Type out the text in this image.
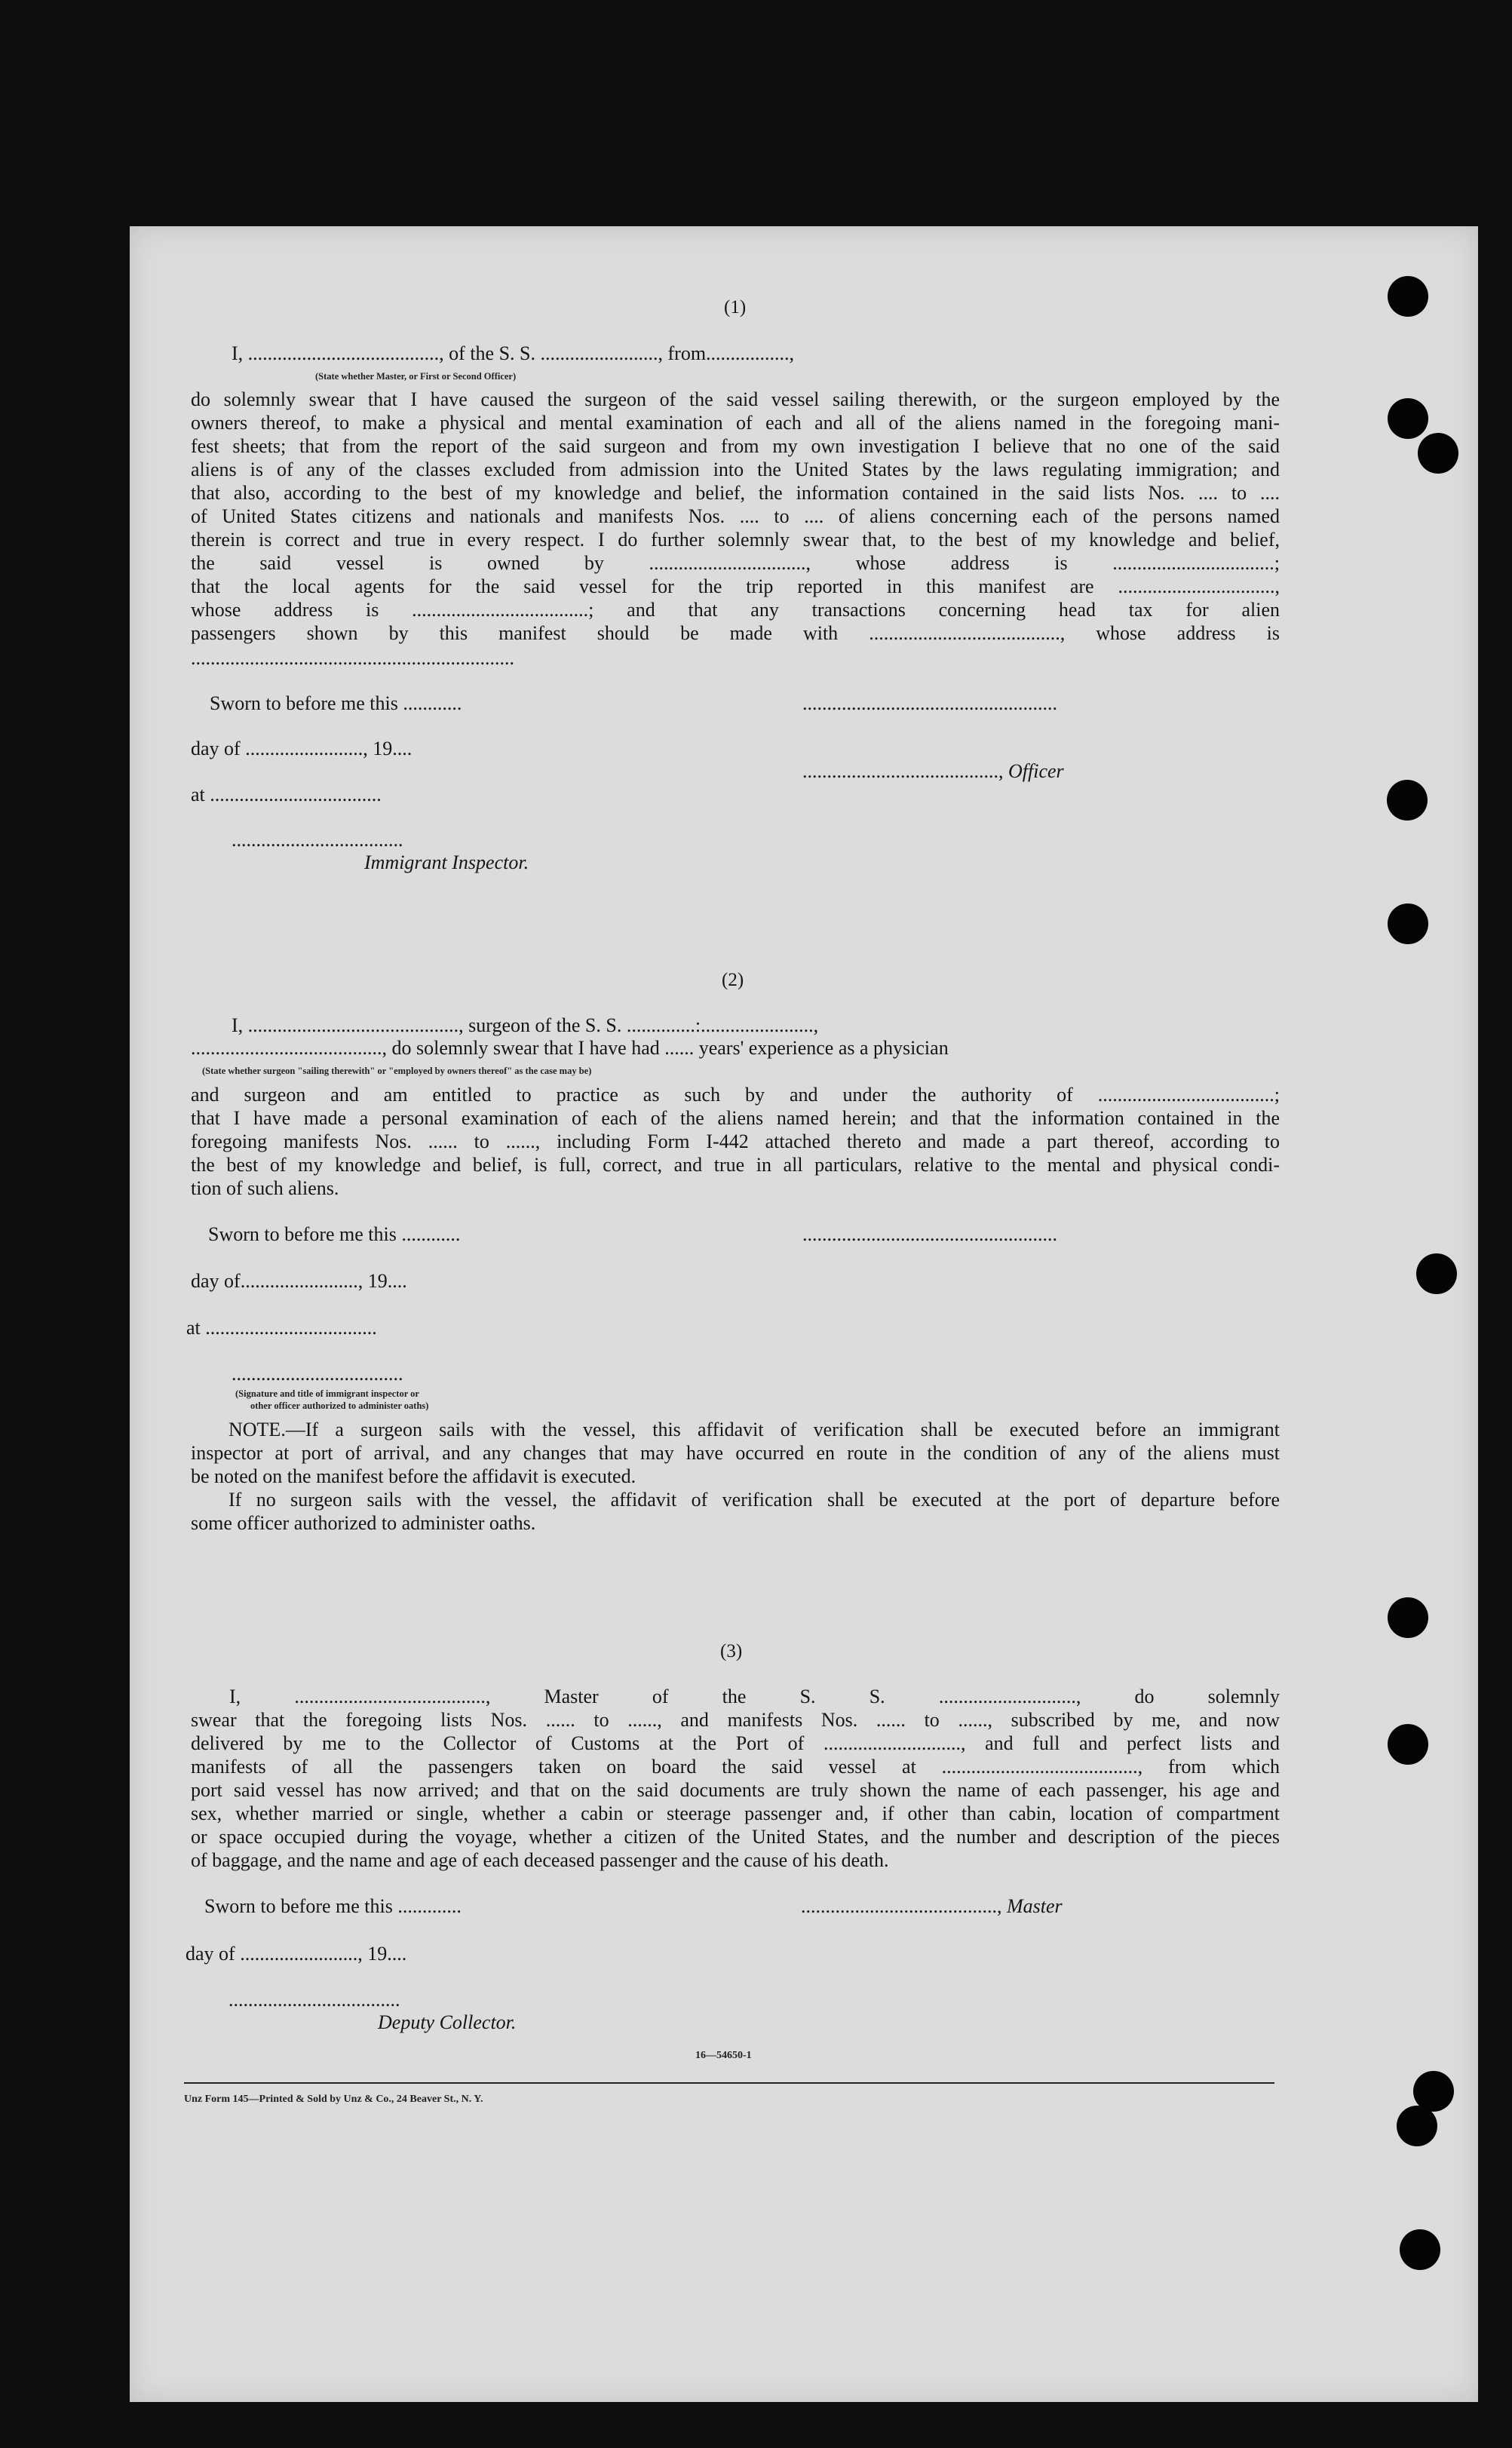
(1)
I, ......................................., of the S. S. ........................, from.................,
(State whether Master, or First or Second Officer)
do solemnly swear that I have caused the surgeon of the said vessel sailing therewith, or the surgeon employed by the
owners thereof, to make a physical and mental examination of each and all of the aliens named in the foregoing mani-
fest sheets; that from the report of the said surgeon and from my own investigation I believe that no one of the said
aliens is of any of the classes excluded from admission into the United States by the laws regulating immigration; and
that also, according to the best of my knowledge and belief, the information contained in the said lists Nos. .... to ....
of United States citizens and nationals and manifests Nos. .... to .... of aliens concerning each of the persons named
therein is correct and true in every respect. I do further solemnly swear that, to the best of my knowledge and belief,
the said vessel is owned by ................................, whose address is .................................;
that the local agents for the said vessel for the trip reported in this manifest are ................................,
whose address is ....................................; and that any transactions concerning head tax for alien
passengers shown by this manifest should be made with ......................................., whose address is
..................................................................
Sworn to before me this ............	....................................................
day of ........................, 19....
........................................, Officer
at ...................................
...................................
Immigrant Inspector.
(2)
I, ..........................................., surgeon of the S. S. ..............:.......................,
......................................., do solemnly swear that I have had ...... years' experience as a physician
(State whether surgeon "sailing therewith" or "employed by owners thereof" as the case may be)
and surgeon and am entitled to practice as such by and under the authority of ....................................;
that I have made a personal examination of each of the aliens named herein; and that the information contained in the
foregoing manifests Nos. ...... to ......, including Form I-442 attached thereto and made a part thereof, according to
the best of my knowledge and belief, is full, correct, and true in all particulars, relative to the mental and physical condi-
tion of such aliens.
Sworn to before me this ............	....................................................
day of........................, 19....
at ...................................
...................................
(Signature and title of immigrant inspector or
other officer authorized to administer oaths)
NOTE.—If a surgeon sails with the vessel, this affidavit of verification shall be executed before an immigrant
inspector at port of arrival, and any changes that may have occurred en route in the condition of any of the aliens must
be noted on the manifest before the affidavit is executed.
If no surgeon sails with the vessel, the affidavit of verification shall be executed at the port of departure before
some officer authorized to administer oaths.
(3)
I, ......................................., Master of the S. S. ............................, do solemnly
swear that the foregoing lists Nos. ...... to ......, and manifests Nos. ...... to ......, subscribed by me, and now
delivered by me to the Collector of Customs at the Port of ............................, and full and perfect lists and
manifests of all the passengers taken on board the said vessel at ........................................, from which
port said vessel has now arrived; and that on the said documents are truly shown the name of each passenger, his age and
sex, whether married or single, whether a cabin or steerage passenger and, if other than cabin, location of compartment
or space occupied during the voyage, whether a citizen of the United States, and the number and description of the pieces
of baggage, and the name and age of each deceased passenger and the cause of his death.
Sworn to before me this .............	........................................, Master
day of ........................, 19....
...................................
Deputy Collector.
16—54650-1
Unz Form 145—Printed & Sold by Unz & Co., 24 Beaver St., N. Y.
